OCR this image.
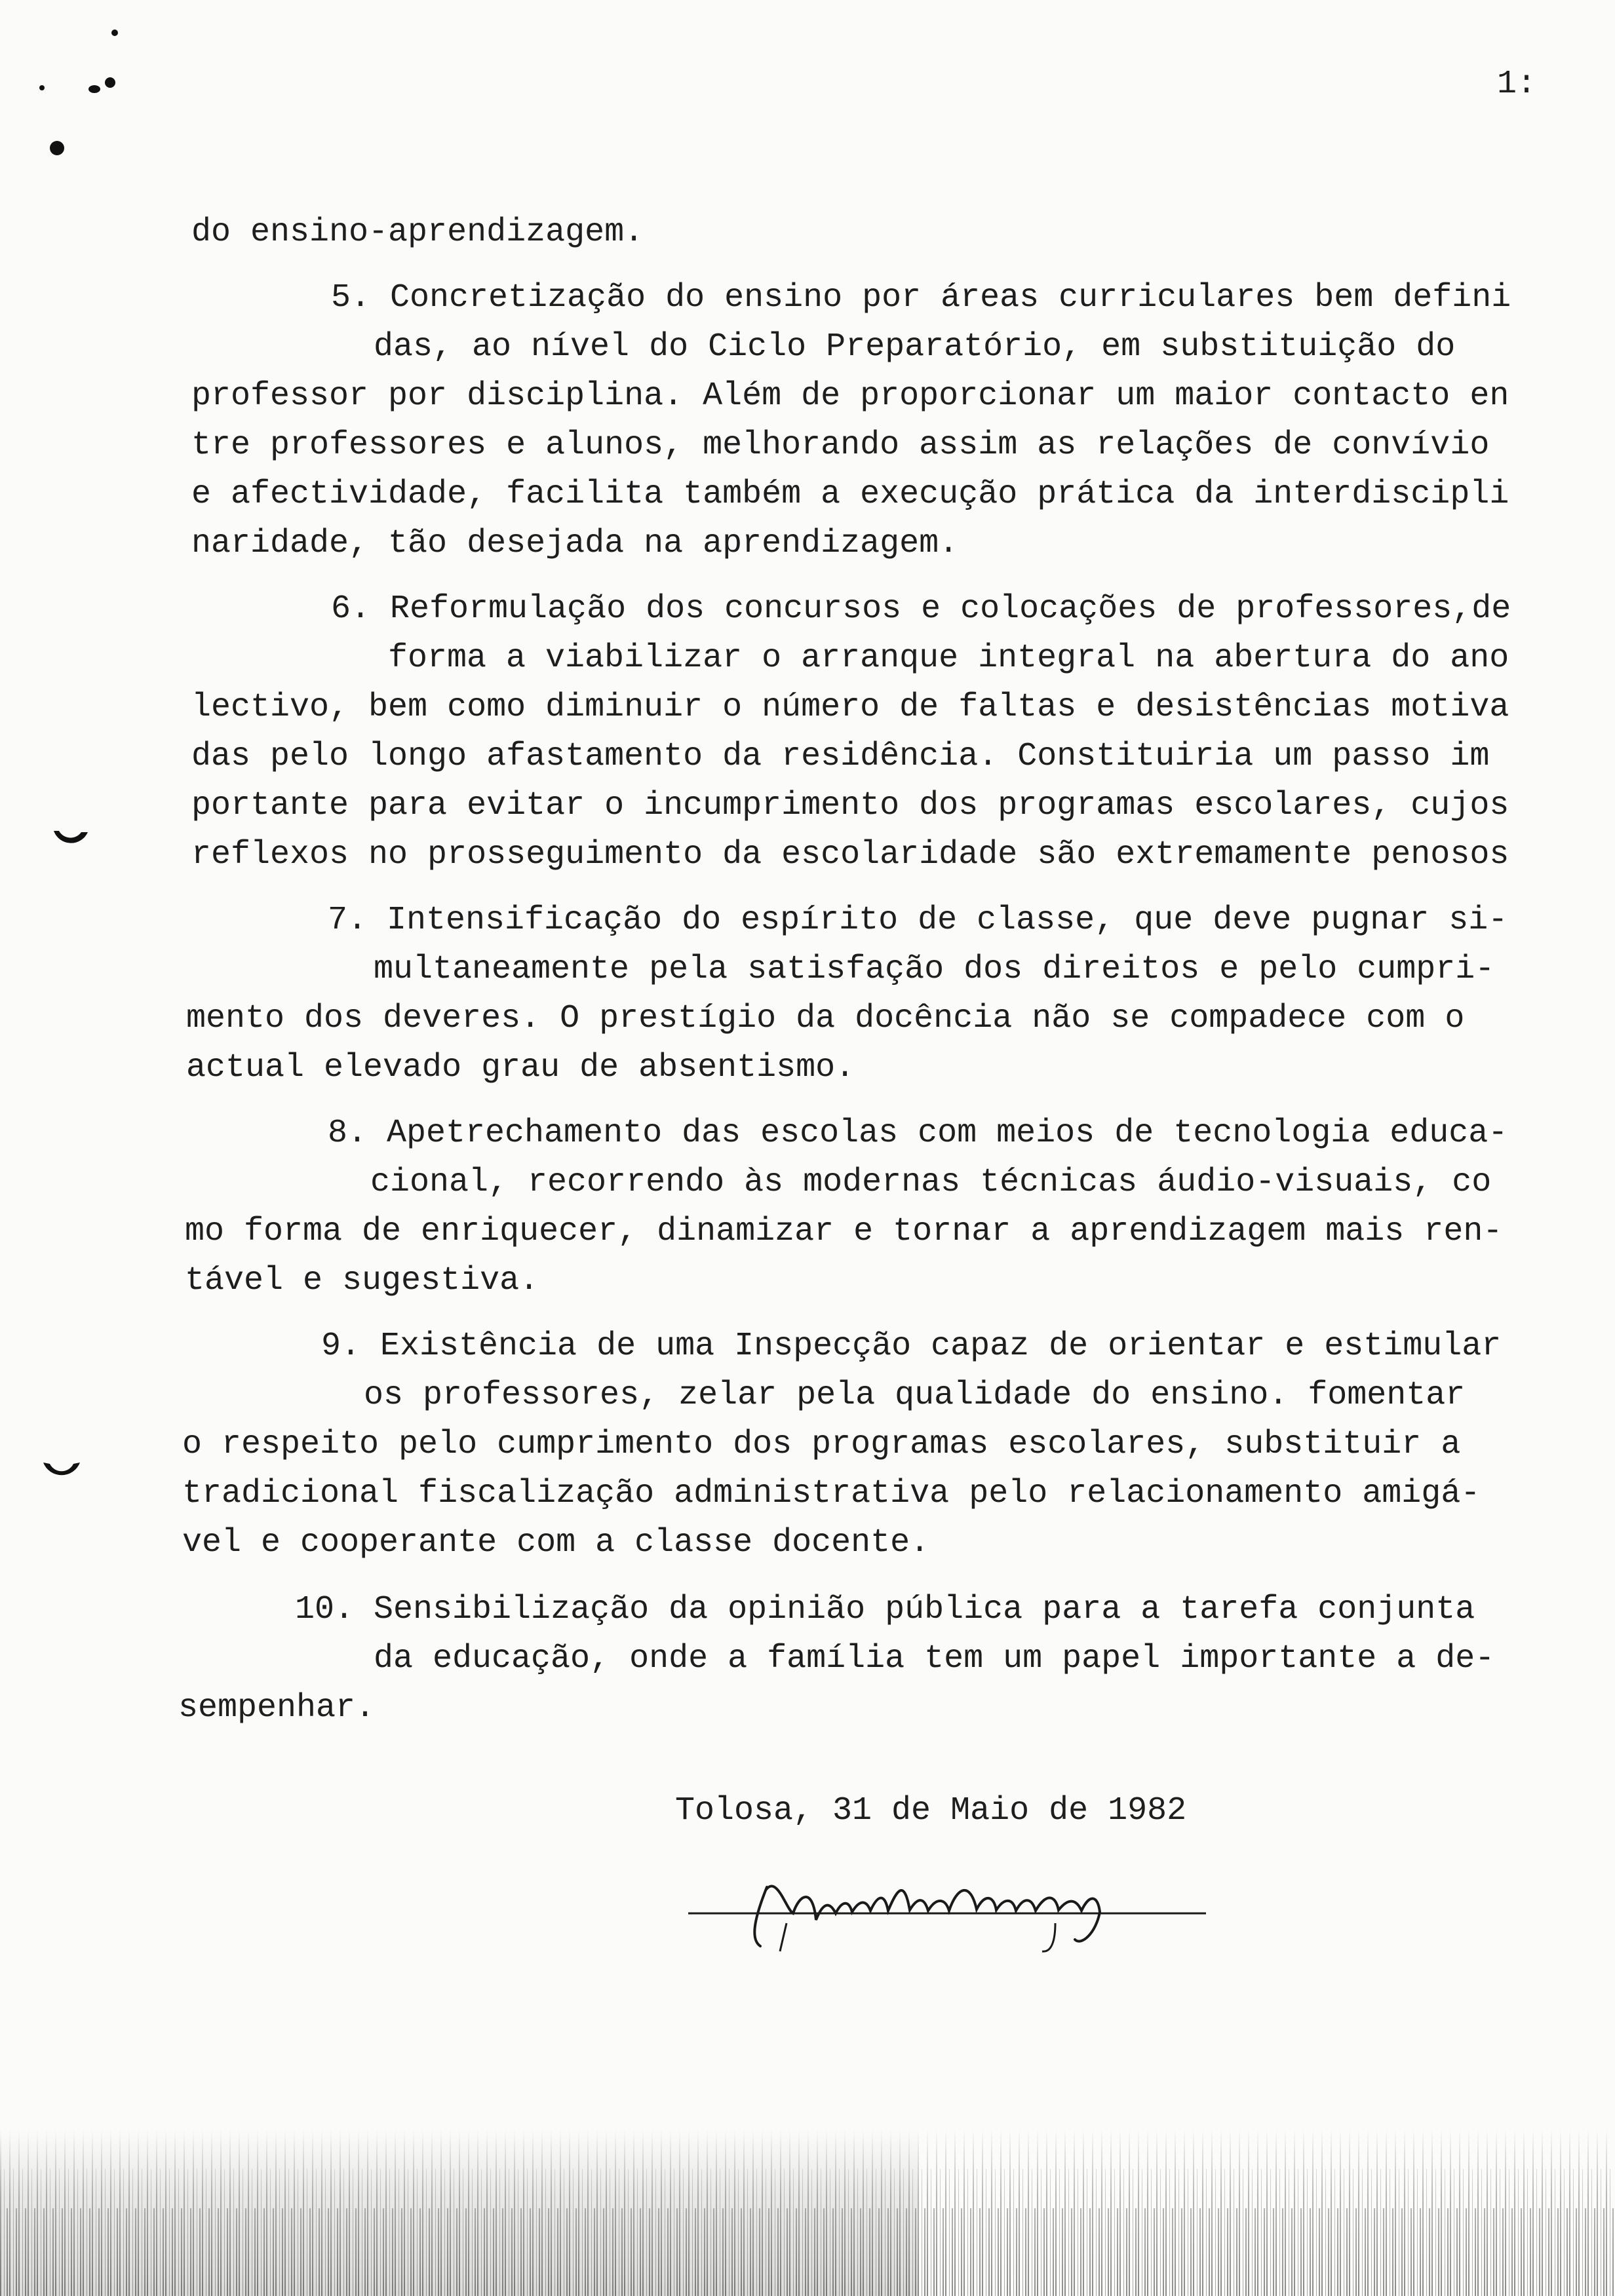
1:
do ensino-aprendizagem.
5. Concretização do ensino por áreas curriculares bem defini
das, ao nível do Ciclo Preparatório, em substituição do
professor por disciplina. Além de proporcionar um maior contacto en
tre professores e alunos, melhorando assim as relações de convívio
e afectividade, facilita também a execução prática da interdiscipli
naridade, tão desejada na aprendizagem.
6. Reformulação dos concursos e colocações de professores,de
forma a viabilizar o arranque integral na abertura do ano
lectivo, bem como diminuir o número de faltas e desistências motiva
das pelo longo afastamento da residência. Constituiria um passo im
portante para evitar o incumprimento dos programas escolares, cujos
reflexos no prosseguimento da escolaridade são extremamente penosos
7. Intensificação do espírito de classe, que deve pugnar si-
multaneamente pela satisfação dos direitos e pelo cumpri-
mento dos deveres. O prestígio da docência não se compadece com o
actual elevado grau de absentismo.
8. Apetrechamento das escolas com meios de tecnologia educa-
cional, recorrendo às modernas técnicas áudio-visuais, co
mo forma de enriquecer, dinamizar e tornar a aprendizagem mais ren-
tável e sugestiva.
9. Existência de uma Inspecção capaz de orientar e estimular
os professores, zelar pela qualidade do ensino. fomentar
o respeito pelo cumprimento dos programas escolares, substituir a
tradicional fiscalização administrativa pelo relacionamento amigá-
vel e cooperante com a classe docente.
10. Sensibilização da opinião pública para a tarefa conjunta
da educação, onde a família tem um papel importante a de-
sempenhar.
Tolosa, 31 de Maio de 1982
